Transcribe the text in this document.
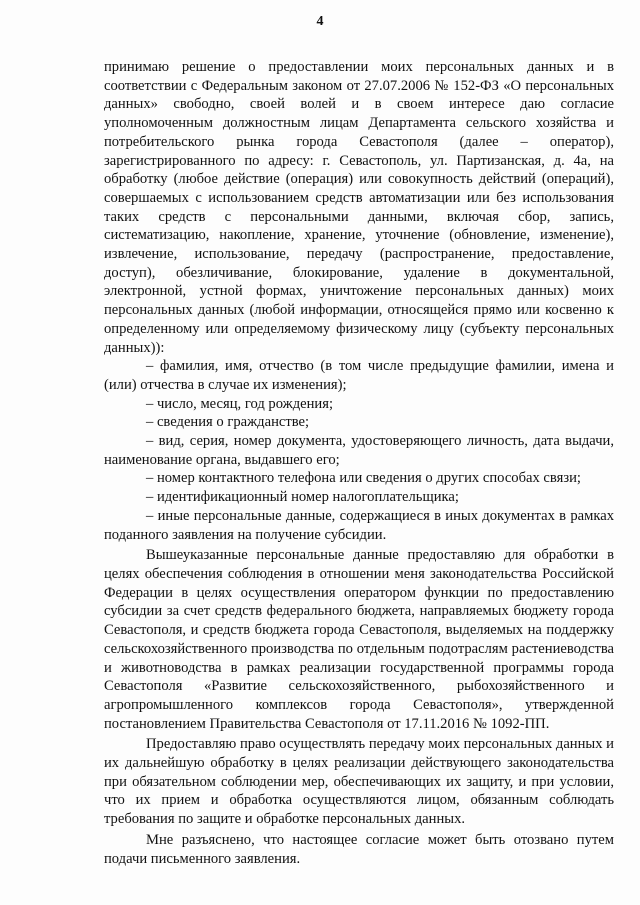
4

принимаю решение о предоставлении моих персональных данных и в соответствии с Федеральным законом от 27.07.2006 № 152-ФЗ «О персональных данных» свободно, своей волей и в своем интересе даю согласие уполномоченным должностным лицам Департамента сельского хозяйства и потребительского рынка города Севастополя (далее – оператор), зарегистрированного по адресу: г. Севастополь, ул. Партизанская, д. 4а, на обработку (любое действие (операция) или совокупность действий (операций), совершаемых с использованием средств автоматизации или без использования таких средств с персональными данными, включая сбор, запись, систематизацию, накопление, хранение, уточнение (обновление, изменение), извлечение, использование, передачу (распространение, предоставление, доступ), обезличивание, блокирование, удаление в документальной, электронной, устной формах, уничтожение персональных данных) моих персональных данных (любой информации, относящейся прямо или косвенно к определенному или определяемому физическому лицу (субъекту персональных данных)):

– фамилия, имя, отчество (в том числе предыдущие фамилии, имена и (или) отчества в случае их изменения);

– число, месяц, год рождения;

– сведения о гражданстве;

– вид, серия, номер документа, удостоверяющего личность, дата выдачи, наименование органа, выдавшего его;

– номер контактного телефона или сведения о других способах связи;

– идентификационный номер налогоплательщика;

– иные персональные данные, содержащиеся в иных документах в рамках поданного заявления на получение субсидии.

Вышеуказанные персональные данные предоставляю для обработки в целях обеспечения соблюдения в отношении меня законодательства Российской Федерации в целях осуществления оператором функции по предоставлению субсидии за счет средств федерального бюджета, направляемых бюджету города Севастополя, и средств бюджета города Севастополя, выделяемых на поддержку сельскохозяйственного производства по отдельным подотраслям растениеводства и животноводства в рамках реализации государственной программы города Севастополя «Развитие сельскохозяйственного, рыбохозяйственного и агропромышленного комплексов города Севастополя», утвержденной постановлением Правительства Севастополя от 17.11.2016 № 1092-ПП.

Предоставляю право осуществлять передачу моих персональных данных и их дальнейшую обработку в целях реализации действующего законодательства при обязательном соблюдении мер, обеспечивающих их защиту, и при условии, что их прием и обработка осуществляются лицом, обязанным соблюдать требования по защите и обработке персональных данных.

Мне разъяснено, что настоящее согласие может быть отозвано путем подачи письменного заявления.
